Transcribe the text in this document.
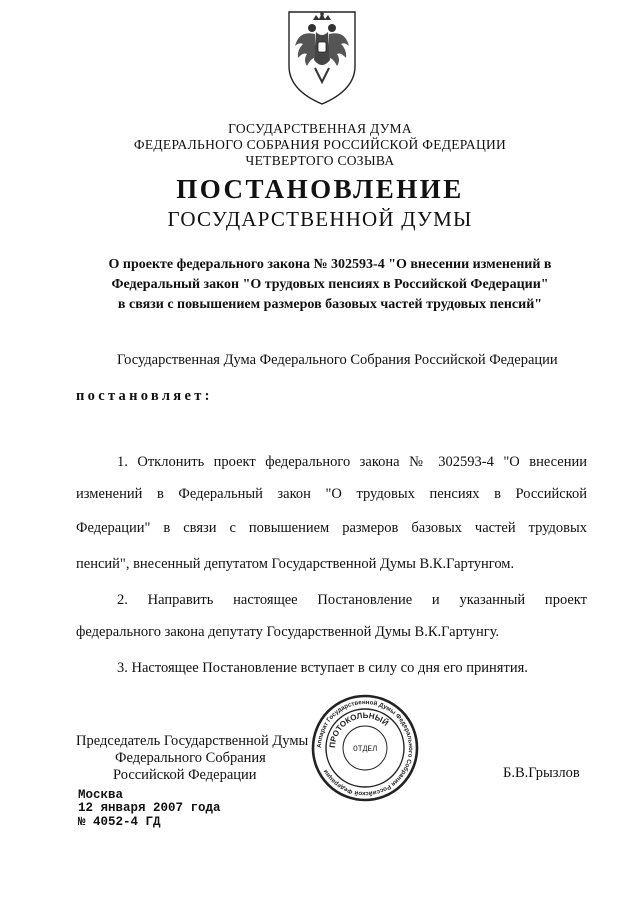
ГОСУДАРСТВЕННАЯ ДУМА
ФЕДЕРАЛЬНОГО СОБРАНИЯ РОССИЙСКОЙ ФЕДЕРАЦИИ
ЧЕТВЕРТОГО СОЗЫВА
ПОСТАНОВЛЕНИЕ
ГОСУДАРСТВЕННОЙ ДУМЫ
О проекте федерального закона № 302593-4 "О внесении изменений в
Федеральный закон "О трудовых пенсиях в Российской Федерации"
в связи с повышением размеров базовых частей трудовых пенсий"
Государственная Дума Федерального Собрания Российской Федерации
постановляет:
1. Отклонить проект федерального закона № 302593-4 "О внесении
изменений в Федеральный закон "О трудовых пенсиях в Российской
Федерации" в связи с повышением размеров базовых частей трудовых
пенсий", внесенный депутатом Государственной Думы В.К.Гартунгом.
2. Направить настоящее Постановление и указанный проект
федерального закона депутату Государственной Думы В.К.Гартунгу.
3. Настоящее Постановление вступает в силу со дня его принятия.
Председатель Государственной Думы
Федерального Собрания
Российской Федерации	Б.В.Грызлов
Аппарат Государственной Думы Федерального Собрания Российской Федерации
ПРОТОКОЛЬНЫЙ
ОТДЕЛ
Москва
12 января 2007 года
№ 4052-4 ГД
